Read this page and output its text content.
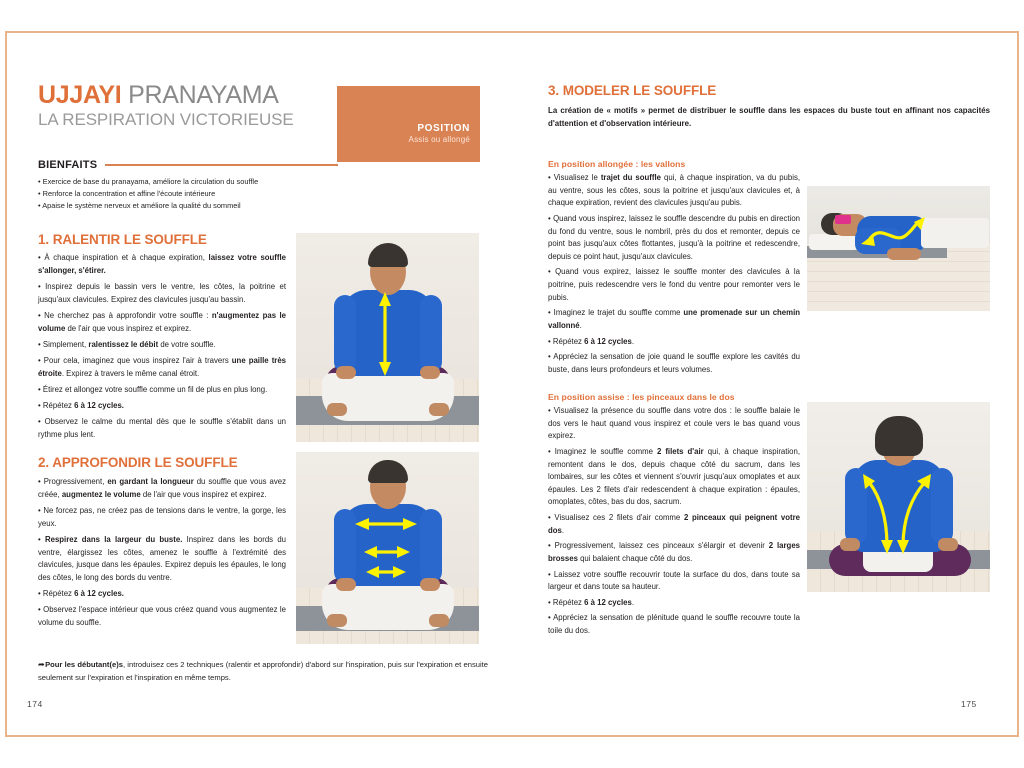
UJJAYI PRANAYAMA
LA RESPIRATION VICTORIEUSE	POSITION
Assis ou allongé
BIENFAITS
• Exercice de base du pranayama, améliore la circulation du souffle
• Renforce la concentration et affine l'écoute intérieure
• Apaise le système nerveux et améliore la qualité du sommeil
1. RALENTIR LE SOUFFLE

• À chaque inspiration et à chaque expiration, laissez votre souffle s'allonger, s'étirer.

• Inspirez depuis le bassin vers le ventre, les côtes, la poitrine et jusqu'aux clavicules. Expirez des clavicules jusqu'au bassin.

• Ne cherchez pas à approfondir votre souffle : n'augmentez pas le volume de l'air que vous inspirez et expirez.

• Simplement, ralentissez le débit de votre souffle.

• Pour cela, imaginez que vous inspirez l'air à travers une paille très étroite. Expirez à travers le même canal étroit.

• Étirez et allongez votre souffle comme un fil de plus en plus long.

• Répétez 6 à 12 cycles.

• Observez le calme du mental dès que le souffle s'établit dans un rythme plus lent.

2. APPROFONDIR LE SOUFFLE

• Progressivement, en gardant la longueur du souffle que vous avez créée, augmentez le volume de l'air que vous inspirez et expirez.

• Ne forcez pas, ne créez pas de tensions dans le ventre, la gorge, les yeux.

• Respirez dans la largeur du buste. Inspirez dans les bords du ventre, élargissez les côtes, amenez le souffle à l'extrémité des clavicules, jusque dans les épaules. Expirez depuis les épaules, le long des côtes, le long des bords du ventre.

• Répétez 6 à 12 cycles.

• Observez l'espace intérieur que vous créez quand vous augmentez le volume du souffle.

➦ Pour les débutant(e)s, introduisez ces 2 techniques (ralentir et approfondir) d'abord sur l'inspiration, puis sur l'expiration et ensuite seulement sur l'expiration et l'inspiration en même temps.
174
3. MODELER LE SOUFFLE
La création de « motifs » permet de distribuer le souffle dans les espaces du buste tout en affinant nos capacités d'attention et d'observation intérieure.
En position allongée : les vallons

• Visualisez le trajet du souffle qui, à chaque inspiration, va du pubis, au ventre, sous les côtes, sous la poitrine et jusqu'aux clavicules et, à chaque expiration, revient des clavicules jusqu'au pubis.

• Quand vous inspirez, laissez le souffle descendre du pubis en direction du fond du ventre, sous le nombril, près du dos et remonter, depuis ce point bas jusqu'aux côtes flottantes, jusqu'à la poitrine et redescendre, depuis ce point haut, jusqu'aux clavicules.

• Quand vous expirez, laissez le souffle monter des clavicules à la poitrine, puis redescendre vers le fond du ventre pour remonter vers le pubis.

• Imaginez le trajet du souffle comme une promenade sur un chemin vallonné.

• Répétez 6 à 12 cycles.

• Appréciez la sensation de joie quand le souffle explore les cavités du buste, dans leurs profondeurs et leurs volumes.

En position assise : les pinceaux dans le dos

• Visualisez la présence du souffle dans votre dos : le souffle balaie le dos vers le haut quand vous inspirez et coule vers le bas quand vous expirez.

• Imaginez le souffle comme 2 filets d'air qui, à chaque inspiration, remontent dans le dos, depuis chaque côté du sacrum, dans les lombaires, sur les côtes et viennent s'ouvrir jusqu'aux omoplates et aux épaules. Les 2 filets d'air redescendent à chaque expiration : épaules, omoplates, côtes, bas du dos, sacrum.

• Visualisez ces 2 filets d'air comme 2 pinceaux qui peignent votre dos.

• Progressivement, laissez ces pinceaux s'élargir et devenir 2 larges brosses qui balaient chaque côté du dos.

• Laissez votre souffle recouvrir toute la surface du dos, dans toute sa largeur et dans toute sa hauteur.

• Répétez 6 à 12 cycles.

• Appréciez la sensation de plénitude quand le souffle recouvre toute la toile du dos.

175
